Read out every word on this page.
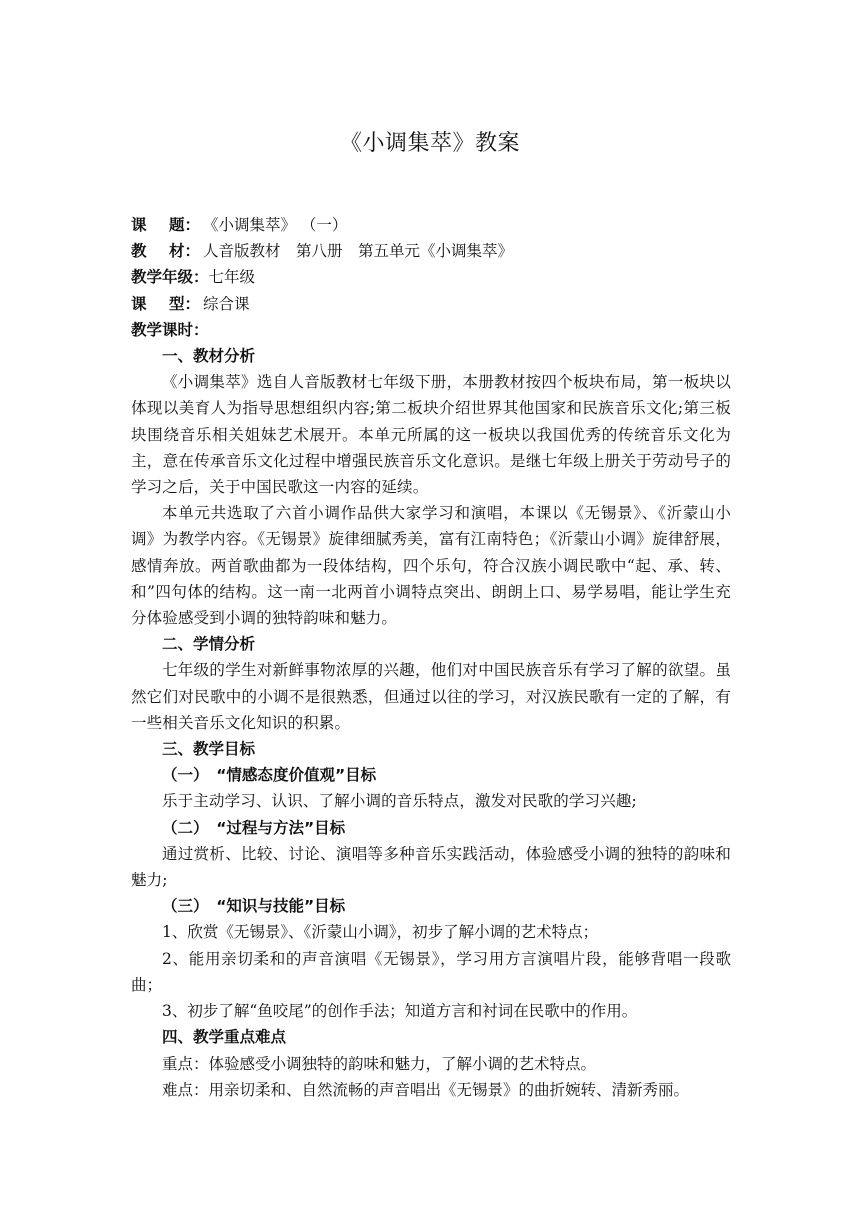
《小调集萃》教案
课 题： 《小调集萃》 （一）
教 材： 人音版教材　第八册　第五单元《小调集萃》
教学年级：七年级
课 型： 综合课
教学课时：
一、教材分析
《小调集萃》选自人音版教材七年级下册，本册教材按四个板块布局，第一板块以体现以美育人为指导思想组织内容;第二板块介绍世界其他国家和民族音乐文化;第三板块围绕音乐相关姐妹艺术展开。本单元所属的这一板块以我国优秀的传统音乐文化为主，意在传承音乐文化过程中增强民族音乐文化意识。是继七年级上册关于劳动号子的学习之后，关于中国民歌这一内容的延续。
本单元共选取了六首小调作品供大家学习和演唱，本课以《无锡景》、《沂蒙山小调》为教学内容。《无锡景》旋律细腻秀美，富有江南特色；《沂蒙山小调》旋律舒展，感情奔放。两首歌曲都为一段体结构，四个乐句，符合汉族小调民歌中“起、承、转、和”四句体的结构。这一南一北两首小调特点突出、朗朗上口、易学易唱，能让学生充分体验感受到小调的独特韵味和魅力。
二、学情分析
七年级的学生对新鲜事物浓厚的兴趣，他们对中国民族音乐有学习了解的欲望。虽然它们对民歌中的小调不是很熟悉，但通过以往的学习，对汉族民歌有一定的了解，有一些相关音乐文化知识的积累。
三、教学目标
（一）　“情感态度价值观”目标
乐于主动学习、认识、了解小调的音乐特点，激发对民歌的学习兴趣;
（二）　“过程与方法”目标
通过赏析、比较、讨论、演唱等多种音乐实践活动，体验感受小调的独特的韵味和魅力;
（三）　“知识与技能”目标
1、欣赏《无锡景》、《沂蒙山小调》，初步了解小调的艺术特点；
2、能用亲切柔和的声音演唱《无锡景》，学习用方言演唱片段，能够背唱一段歌曲；
3、初步了解“鱼咬尾”的创作手法；知道方言和衬词在民歌中的作用。
四、教学重点难点
重点：体验感受小调独特的韵味和魅力，了解小调的艺术特点。
难点：用亲切柔和、自然流畅的声音唱出《无锡景》的曲折婉转、清新秀丽。
